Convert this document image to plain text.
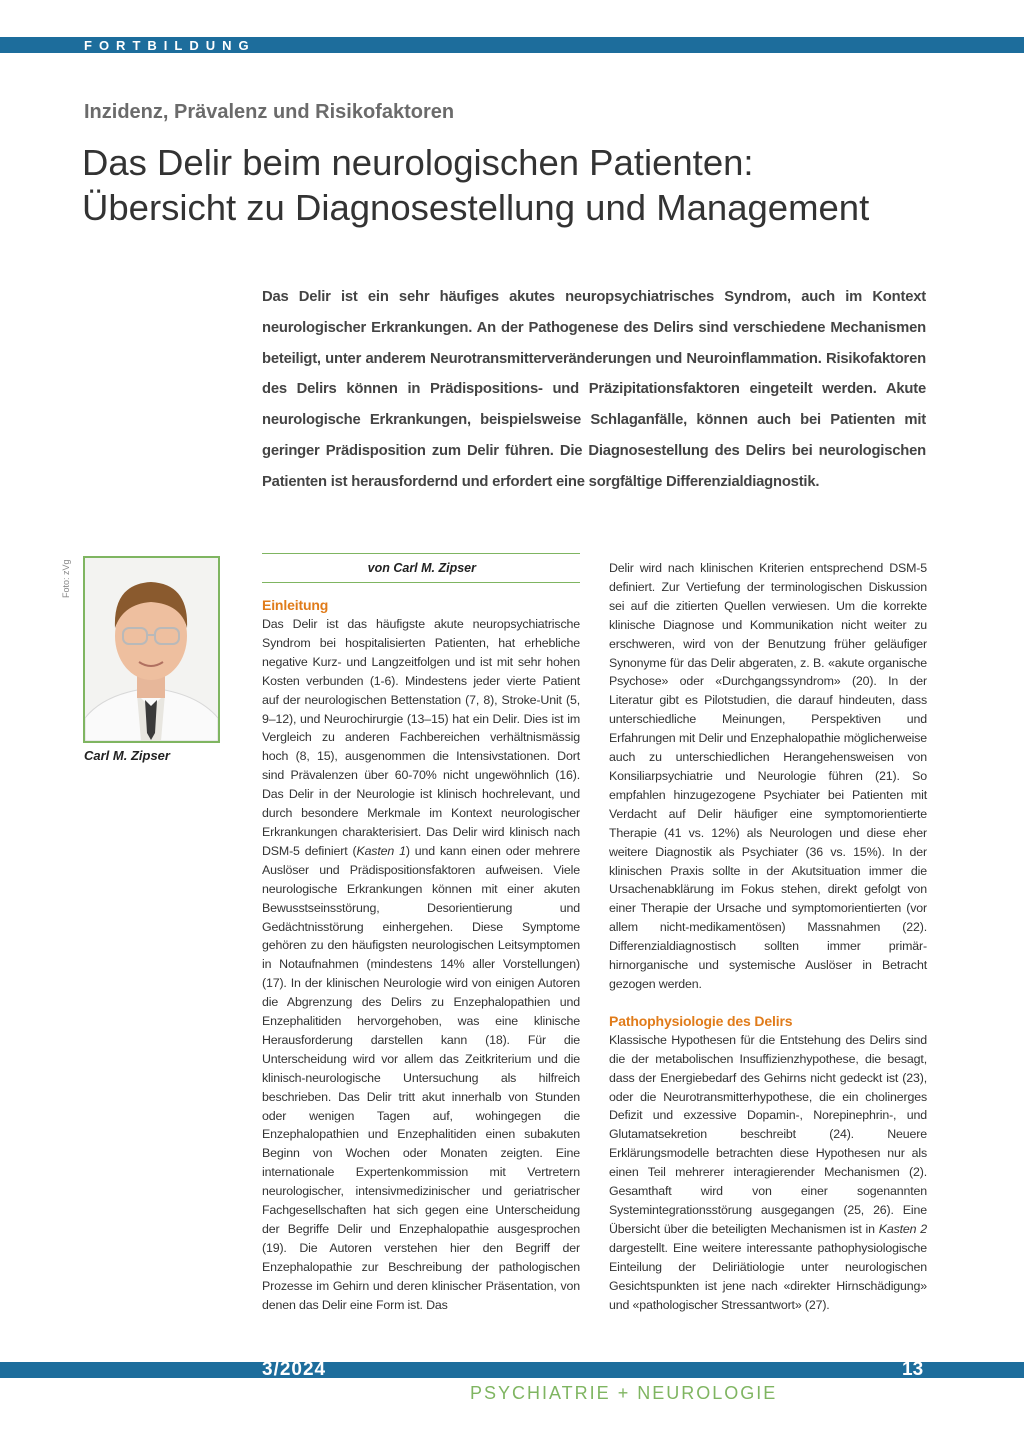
FORTBILDUNG
Inzidenz, Prävalenz und Risikofaktoren
Das Delir beim neurologischen Patienten:
Übersicht zu Diagnosestellung und Management

Das Delir ist ein sehr häufiges akutes neuropsychiatrisches Syndrom, auch im Kontext neurologischer Erkrankungen. An der Pathogenese des Delirs sind verschiedene Mechanismen beteiligt, unter anderem Neurotransmitterveränderungen und Neuroinflammation. Risikofaktoren des Delirs können in Prädispositions- und Präzipitationsfaktoren eingeteilt werden. Akute neurologische Erkrankungen, beispielsweise Schlaganfälle, können auch bei Patienten mit geringer Prädisposition zum Delir führen. Die Diagnosestellung des Delirs bei neurologischen Patienten ist herausfordernd und erfordert eine sorgfältige Differenzialdiagnostik.

Foto: zVg
Carl M. Zipser
von Carl M. Zipser
Einleitung

Das Delir ist das häufigste akute neuropsychiatrische Syndrom bei hospitalisierten Patienten, hat erhebliche negative Kurz- und Langzeitfolgen und ist mit sehr hohen Kosten verbunden (1-6). Mindestens jeder vierte Patient auf der neurologischen Bettenstation (7, 8), Stroke-Unit (5, 9–12), und Neurochirurgie (13–15) hat ein Delir. Dies ist im Vergleich zu anderen Fachbereichen verhältnismässig hoch (8, 15), ausgenommen die Intensivstationen. Dort sind Prävalenzen über 60-70% nicht ungewöhnlich (16). Das Delir in der Neurologie ist klinisch hochrelevant, und durch besondere Merkmale im Kontext neurologischer Erkrankungen charakterisiert. Das Delir wird klinisch nach DSM-5 definiert (Kasten 1) und kann einen oder mehrere Auslöser und Prädispositionsfaktoren aufweisen. Viele neurologische Erkrankungen können mit einer akuten Bewusstseinsstörung, Desorientierung und Gedächtnisstörung einhergehen. Diese Symptome gehören zu den häufigsten neurologischen Leitsymptomen in Notaufnahmen (mindestens 14% aller Vorstellungen) (17). In der klinischen Neurologie wird von einigen Autoren die Abgrenzung des Delirs zu Enzephalopathien und Enzephalitiden hervorgehoben, was eine klinische Herausforderung darstellen kann (18). Für die Unterscheidung wird vor allem das Zeitkriterium und die klinisch-neurologische Untersuchung als hilfreich beschrieben. Das Delir tritt akut innerhalb von Stunden oder wenigen Tagen auf, wohingegen die Enzephalopathien und Enzephalitiden einen subakuten Beginn von Wochen oder Monaten zeigten. Eine internationale Expertenkommission mit Vertretern neurologischer, intensivmedizinischer und geriatrischer Fachgesellschaften hat sich gegen eine Unterscheidung der Begriffe Delir und Enzephalopathie ausgesprochen (19). Die Autoren verstehen hier den Begriff der Enzephalopathie zur Beschreibung der pathologischen Prozesse im Gehirn und deren klinischer Präsentation, von denen das Delir eine Form ist. Das

Delir wird nach klinischen Kriterien entsprechend DSM-5 definiert. Zur Vertiefung der terminologischen Diskussion sei auf die zitierten Quellen verwiesen. Um die korrekte klinische Diagnose und Kommunikation nicht weiter zu erschweren, wird von der Benutzung früher geläufiger Synonyme für das Delir abgeraten, z. B. «akute organische Psychose» oder «Durchgangssyndrom» (20). In der Literatur gibt es Pilotstudien, die darauf hindeuten, dass unterschiedliche Meinungen, Perspektiven und Erfahrungen mit Delir und Enzephalopathie möglicherweise auch zu unterschiedlichen Herangehensweisen von Konsiliarpsychiatrie und Neurologie führen (21). So empfahlen hinzugezogene Psychiater bei Patienten mit Verdacht auf Delir häufiger eine symptomorientierte Therapie (41 vs. 12%) als Neurologen und diese eher weitere Diagnostik als Psychiater (36 vs. 15%). In der klinischen Praxis sollte in der Akutsituation immer die Ursachenabklärung im Fokus stehen, direkt gefolgt von einer Therapie der Ursache und symptomorientierten (vor allem nicht-medikamentösen) Massnahmen (22). Differenzialdiagnostisch sollten immer primär-hirnorganische und systemische Auslöser in Betracht gezogen werden.

Pathophysiologie des Delirs

Klassische Hypothesen für die Entstehung des Delirs sind die der metabolischen Insuffizienzhypothese, die besagt, dass der Energiebedarf des Gehirns nicht gedeckt ist (23), oder die Neurotransmitterhypothese, die ein cholinerges Defizit und exzessive Dopamin-, Norepinephrin-, und Glutamatsekretion beschreibt (24). Neuere Erklärungsmodelle betrachten diese Hypothesen nur als einen Teil mehrerer interagierender Mechanismen (2). Gesamthaft wird von einer sogenannten Systemintegrationsstörung ausgegangen (25, 26). Eine Übersicht über die beteiligten Mechanismen ist in Kasten 2 dargestellt. Eine weitere interessante pathophysiologische Einteilung der Deliriätiologie unter neurologischen Gesichtspunkten ist jene nach «direkter Hirnschädigung» und «pathologischer Stressantwort» (27).

3/2024	13
PSYCHIATRIE + NEUROLOGIE
